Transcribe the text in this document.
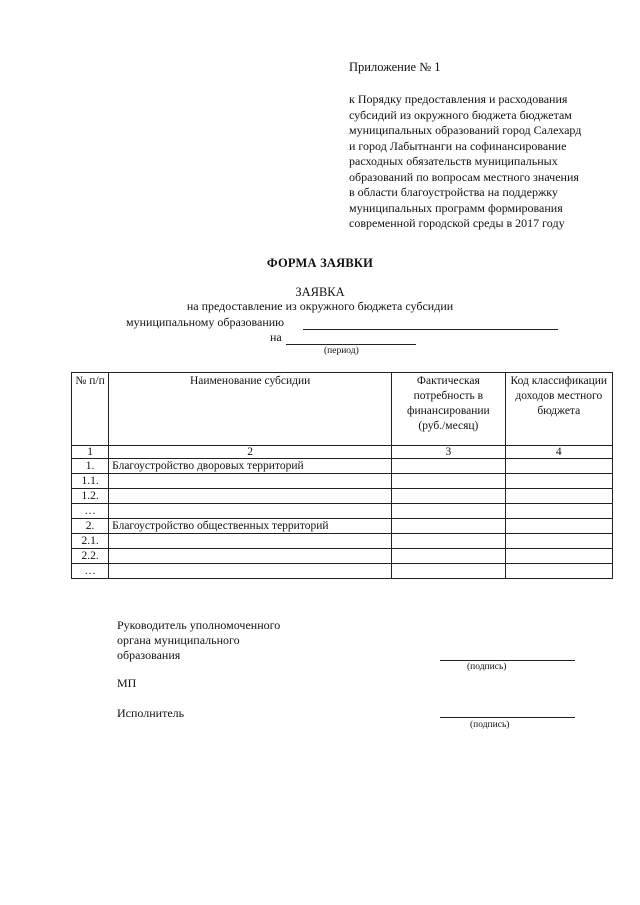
Приложение № 1
к Порядку предоставления и расходования
субсидий из окружного бюджета бюджетам
муниципальных образований город Салехард
и город Лабытнанги на софинансирование
расходных обязательств муниципальных
образований по вопросам местного значения
в области благоустройства на поддержку
муниципальных программ формирования
современной городской среды в 2017 году
ФОРМА ЗАЯВКИ
ЗАЯВКА
на предоставление из окружного бюджета субсидии
муниципальному образованию
на
(период)
№ п/п	Наименование субсидии	Фактическая потребность в финансировании (руб./месяц)	Код классификации доходов местного бюджета
1	2	3	4
1.	Благоустройство дворовых территорий		
1.1.			
1.2.			
…			
2.	Благоустройство общественных территорий		
2.1.			
2.2.			
…			
Руководитель уполномоченного
органа муниципального
образования
(подпись)
МП
Исполнитель
(подпись)
